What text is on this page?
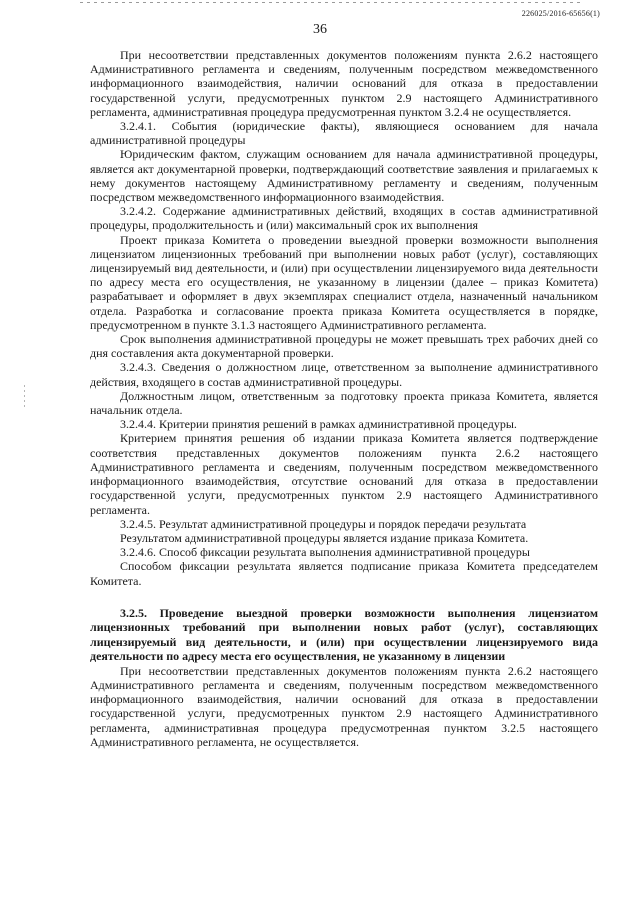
226025/2016-65656(1)
36

При несоответствии представленных документов положениям пункта 2.6.2 настоящего Административного регламента и сведениям, полученным посредством межведомственного информационного взаимодействия, наличии оснований для отказа в предоставлении государственной услуги, предусмотренных пунктом 2.9 настоящего Административного регламента, административная процедура предусмотренная пунктом 3.2.4 не осуществляется.

3.2.4.1. События (юридические факты), являющиеся основанием для начала административной процедуры

Юридическим фактом, служащим основанием для начала административной процедуры, является акт документарной проверки, подтверждающий соответствие заявления и прилагаемых к нему документов настоящему Административному регламенту и сведениям, полученным посредством межведомственного информационного взаимодействия.

3.2.4.2. Содержание административных действий, входящих в состав административной процедуры, продолжительность и (или) максимальный срок их выполнения

Проект приказа Комитета о проведении выездной проверки возможности выполнения лицензиатом лицензионных требований при выполнении новых работ (услуг), составляющих лицензируемый вид деятельности, и (или) при осуществлении лицензируемого вида деятельности по адресу места его осуществления, не указанному в лицензии (далее – приказ Комитета) разрабатывает и оформляет в двух экземплярах специалист отдела, назначенный начальником отдела. Разработка и согласование проекта приказа Комитета осуществляется в порядке, предусмотренном в пункте 3.1.3 настоящего Административного регламента.

Срок выполнения административной процедуры не может превышать трех рабочих дней со дня составления акта документарной проверки.

3.2.4.3. Сведения о должностном лице, ответственном за выполнение административного действия, входящего в состав административной процедуры.

Должностным лицом, ответственным за подготовку проекта приказа Комитета, является начальник отдела.

3.2.4.4. Критерии принятия решений в рамках административной процедуры.

Критерием принятия решения об издании приказа Комитета является подтверждение соответствия представленных документов положениям пункта 2.6.2 настоящего Административного регламента и сведениям, полученным посредством межведомственного информационного взаимодействия, отсутствие оснований для отказа в предоставлении государственной услуги, предусмотренных пунктом 2.9 настоящего Административного регламента.

3.2.4.5. Результат административной процедуры и порядок передачи результата

Результатом административной процедуры является издание приказа Комитета.

3.2.4.6. Способ фиксации результата выполнения административной процедуры

Способом фиксации результата является подписание приказа Комитета председателем Комитета.

3.2.5. Проведение выездной проверки возможности выполнения лицензиатом лицензионных требований при выполнении новых работ (услуг), составляющих лицензируемый вид деятельности, и (или) при осуществлении лицензируемого вида деятельности по адресу места его осуществления, не указанному в лицензии

При несоответствии представленных документов положениям пункта 2.6.2 настоящего Административного регламента и сведениям, полученным посредством межведомственного информационного взаимодействия, наличии оснований для отказа в предоставлении государственной услуги, предусмотренных пунктом 2.9 настоящего Административного регламента, административная процедура предусмотренная пунктом 3.2.5 настоящего Административного регламента, не осуществляется.
